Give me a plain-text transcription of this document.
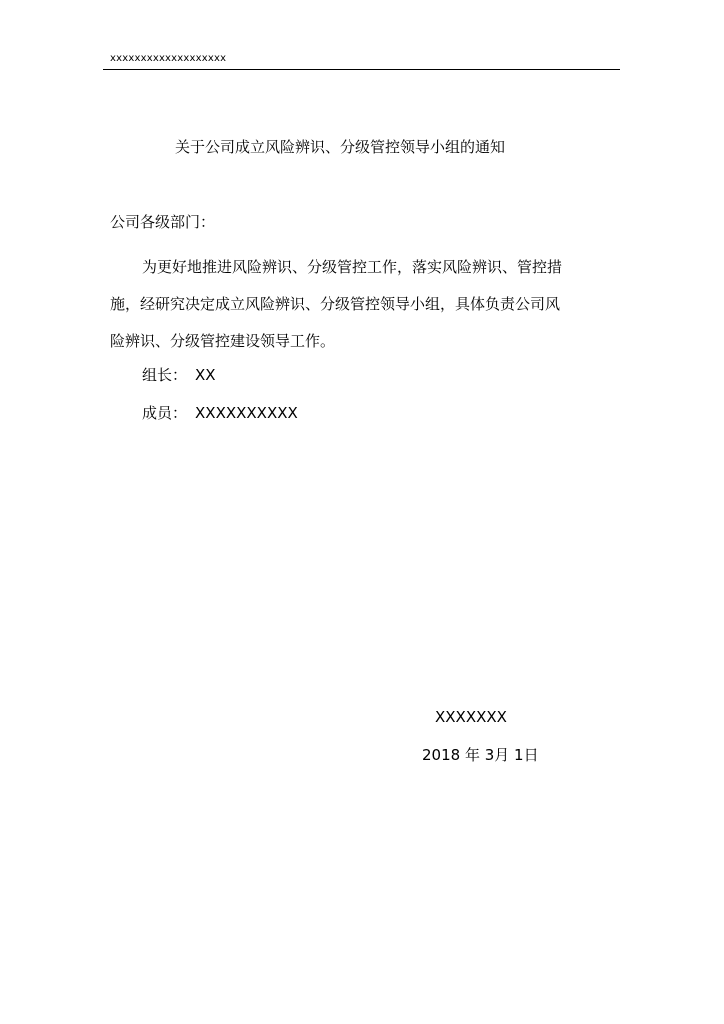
xxxxxxxxxxxxxxxxxxx
关于公司成立风险辨识、分级管控领导小组的通知
公司各级部门：
为更好地推进风险辨识、分级管控工作，落实风险辨识、管控措
施，经研究决定成立风险辨识、分级管控领导小组，具体负责公司风
险辨识、分级管控建设领导工作。
组长： XX
成员： XXXXXXXXXX
XXXXXXX
2018 年 3月 1日
